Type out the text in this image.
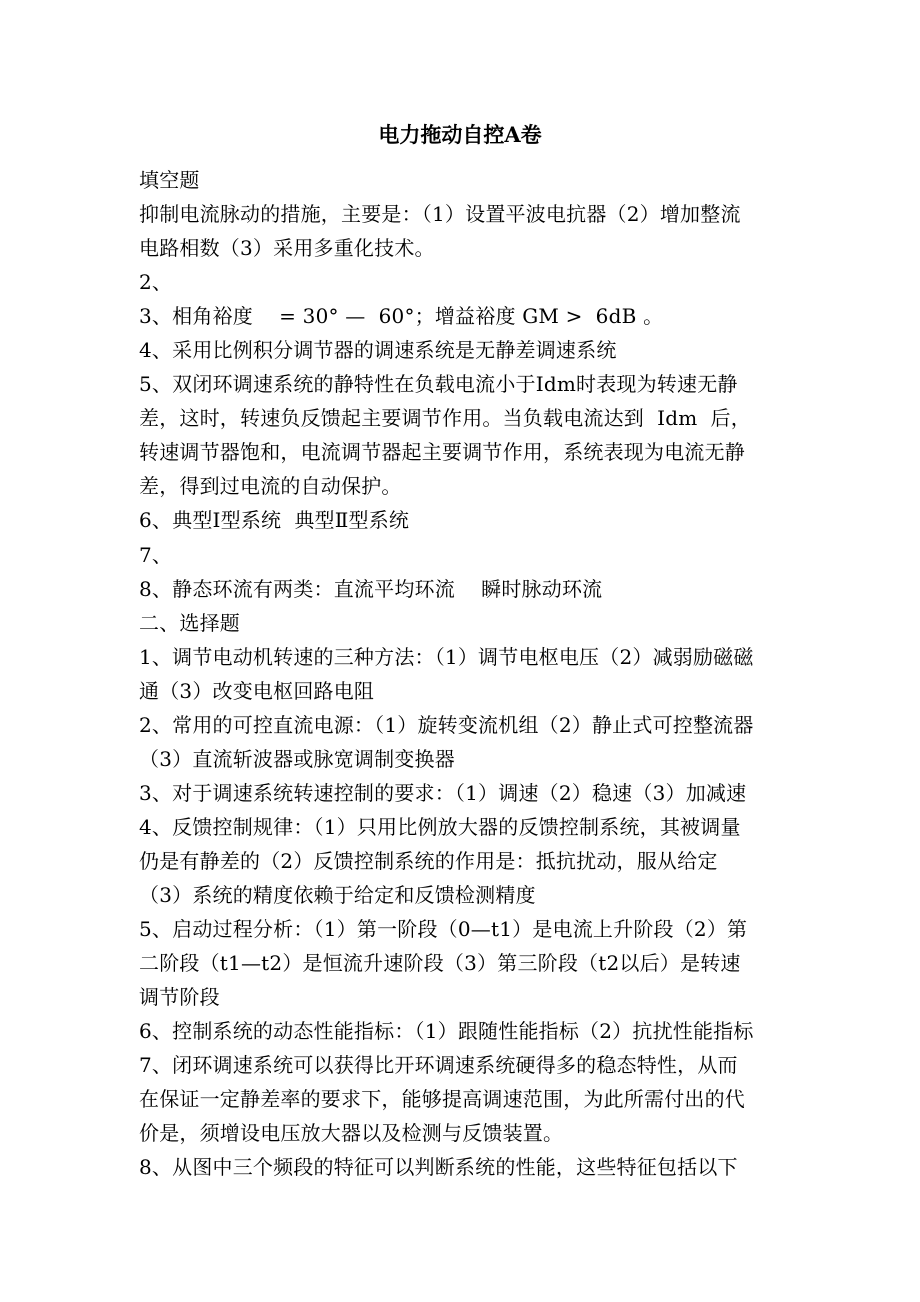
电力拖动自控A卷
填空题
抑制电流脉动的措施，主要是：（1）设置平波电抗器（2）增加整流
电路相数（3）采用多重化技术。
2、
3、相角裕度    = 30° —  60°；增益裕度 GM >  6dB 。
4、采用比例积分调节器的调速系统是无静差调速系统
5、双闭环调速系统的静特性在负载电流小于Idm时表现为转速无静
差，这时，转速负反馈起主要调节作用。当负载电流达到  Idm  后，
转速调节器饱和，电流调节器起主要调节作用，系统表现为电流无静
差，得到过电流的自动保护。
6、典型Ⅰ型系统  典型Ⅱ型系统
7、
8、静态环流有两类：直流平均环流    瞬时脉动环流
二、选择题
1、调节电动机转速的三种方法：（1）调节电枢电压（2）减弱励磁磁
通（3）改变电枢回路电阻
2、常用的可控直流电源：（1）旋转变流机组（2）静止式可控整流器
（3）直流斩波器或脉宽调制变换器
3、对于调速系统转速控制的要求：（1）调速（2）稳速（3）加减速
4、反馈控制规律：（1）只用比例放大器的反馈控制系统，其被调量
仍是有静差的（2）反馈控制系统的作用是：抵抗扰动，服从给定
（3）系统的精度依赖于给定和反馈检测精度
5、启动过程分析：（1）第一阶段（0—t1）是电流上升阶段（2）第
二阶段（t1—t2）是恒流升速阶段（3）第三阶段（t2以后）是转速
调节阶段
6、控制系统的动态性能指标：（1）跟随性能指标（2）抗扰性能指标
7、闭环调速系统可以获得比开环调速系统硬得多的稳态特性，从而
在保证一定静差率的要求下，能够提高调速范围，为此所需付出的代
价是，须增设电压放大器以及检测与反馈装置。
8、从图中三个频段的特征可以判断系统的性能，这些特征包括以下
